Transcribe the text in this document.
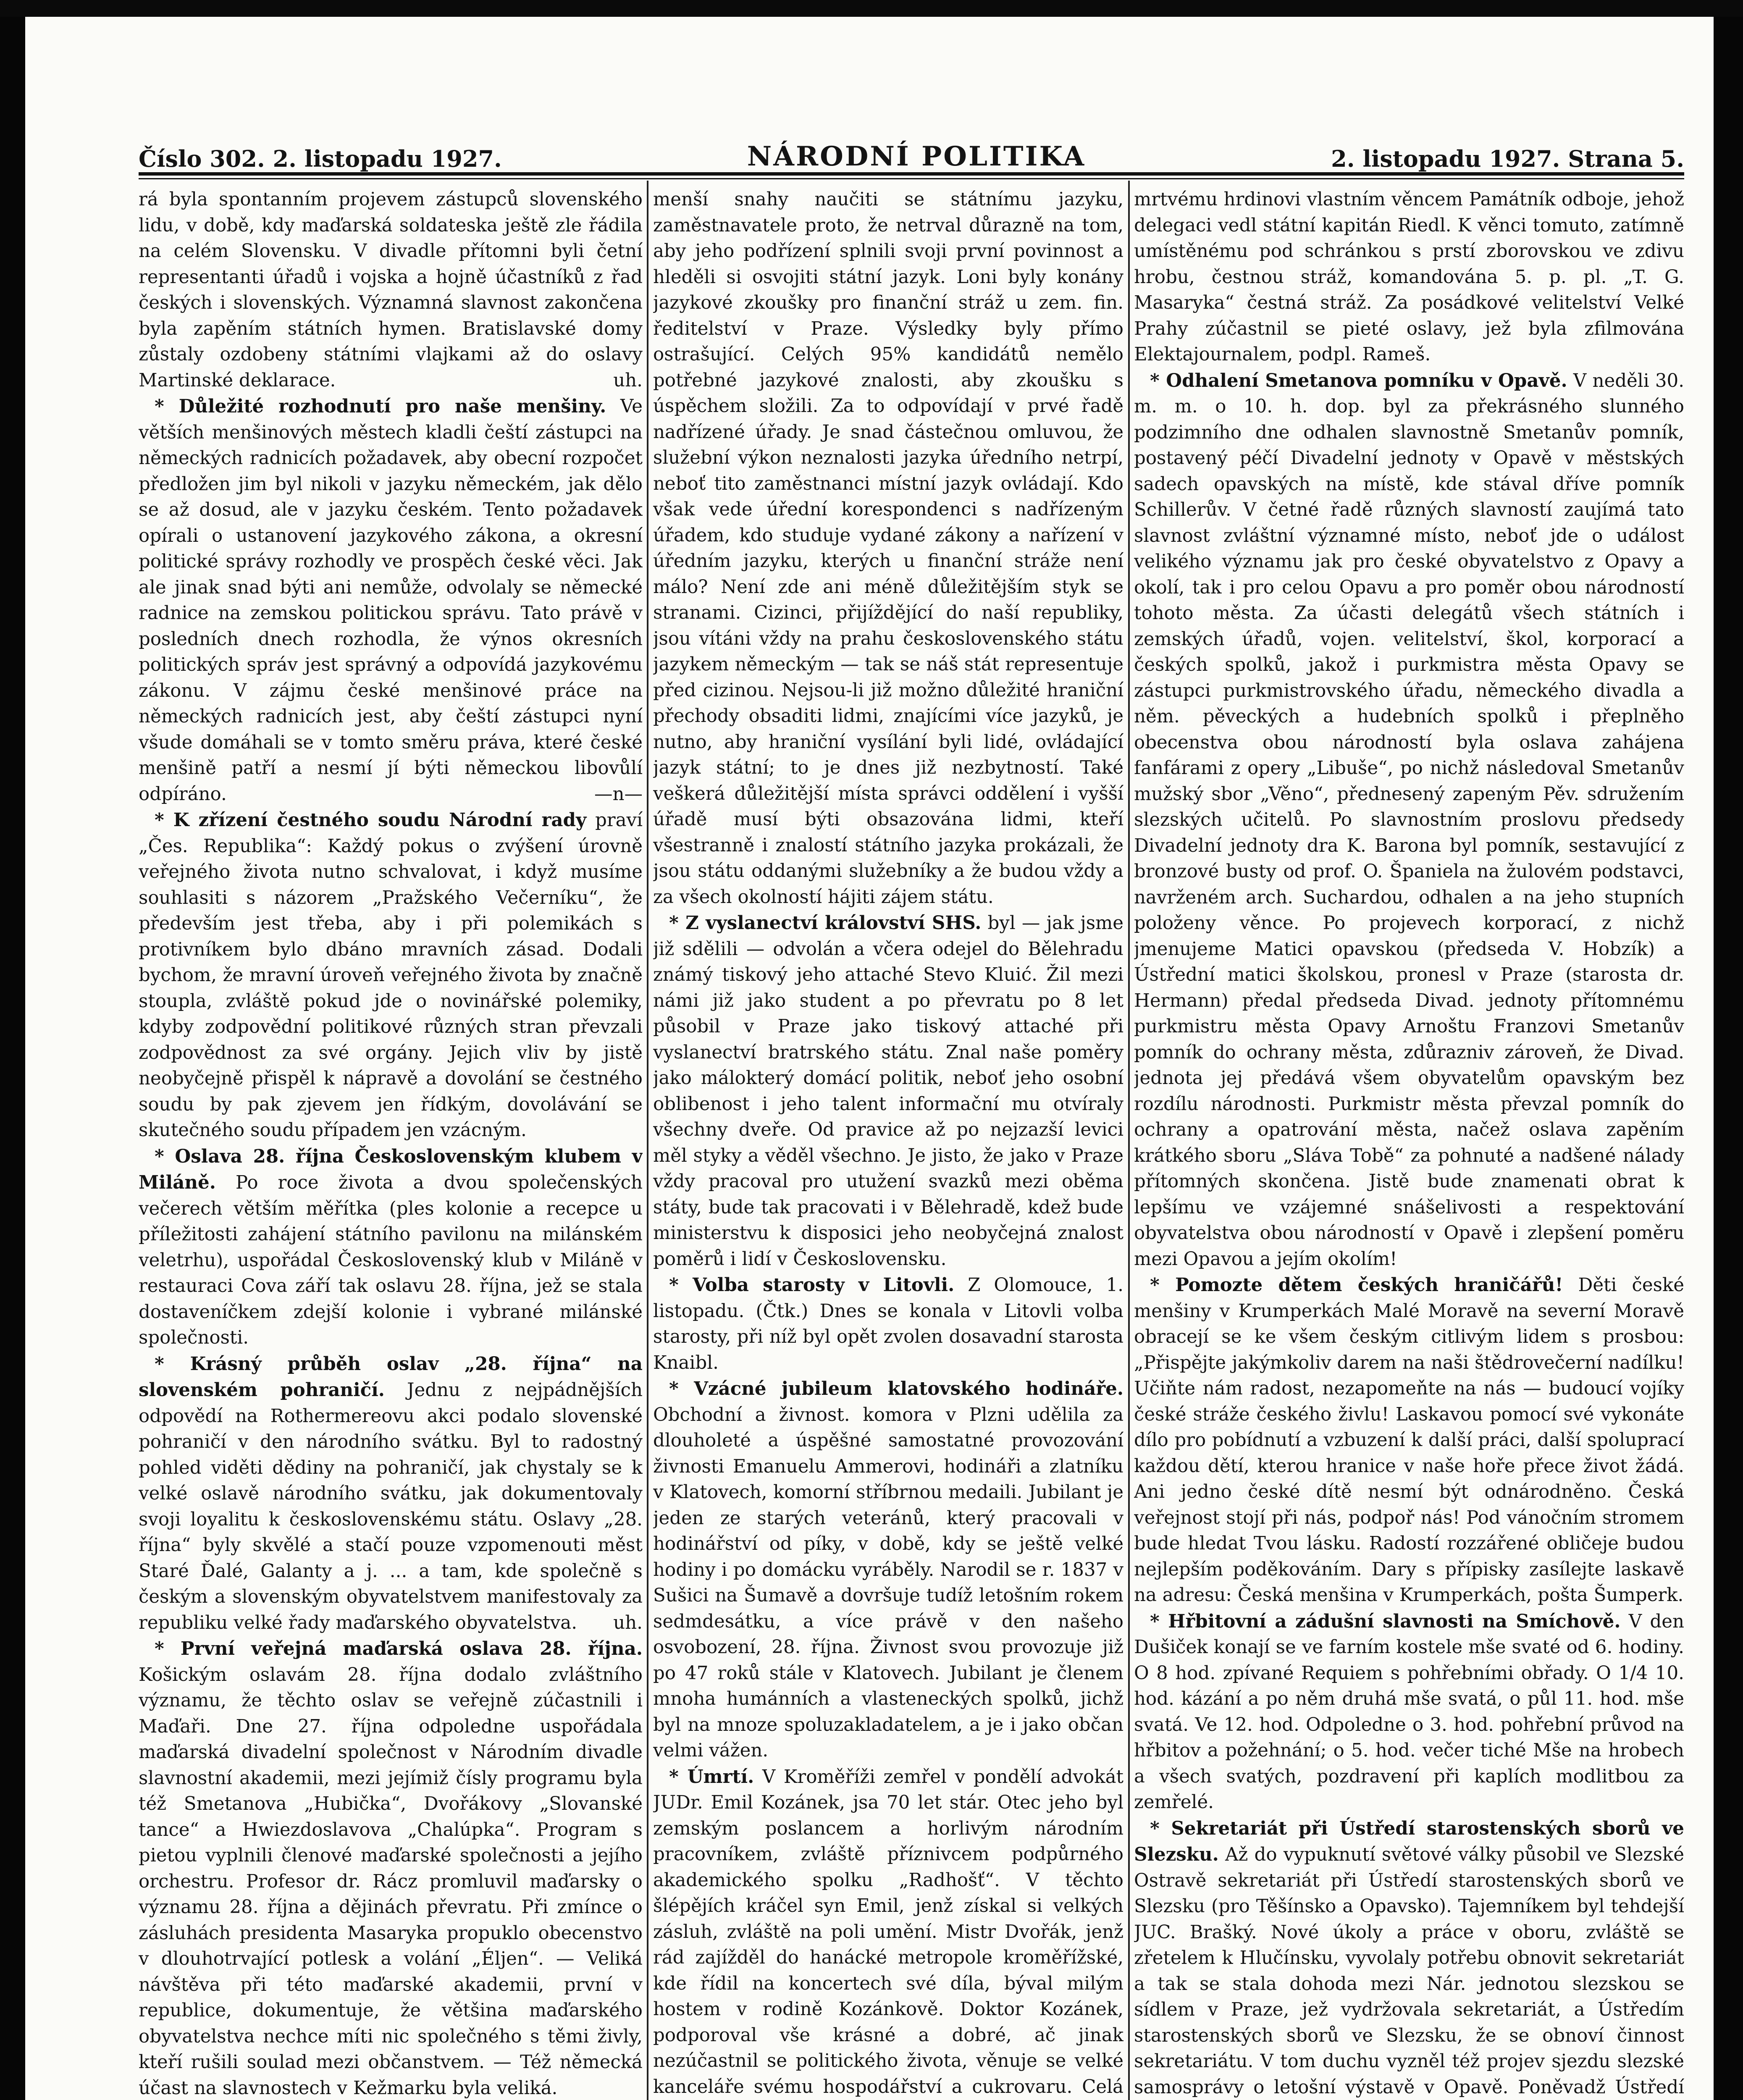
Číslo 302. 2. listopadu 1927.	NÁRODNÍ POLITIKA	2. listopadu 1927. Strana 5.

rá byla spontanním projevem zástupců slovenského lidu, v době, kdy maďarská soldateska ještě zle řádila na celém Slovensku. V divadle přítomni byli četní representanti úřadů i vojska a hojně účastníků z řad českých i slovenských. Významná slavnost zakončena byla zapěním státních hymen. Bratislavské domy zůstaly ozdobeny státními vlajkami až do oslavy Martinské deklarace.	uh.

* Důležité rozhodnutí pro naše menšiny. Ve větších menšinových městech kladli čeští zástupci na německých radnicích požadavek, aby obecní rozpočet předložen jim byl nikoli v jazyku německém, jak dělo se až dosud, ale v jazyku českém. Tento požadavek opírali o ustanovení jazykového zákona, a okresní politické správy rozhodly ve prospěch české věci. Jak ale jinak snad býti ani nemůže, odvolaly se německé radnice na zemskou politickou správu. Tato právě v posledních dnech rozhodla, že výnos okresních politických správ jest správný a odpovídá jazykovému zákonu. V zájmu české menšinové práce na německých radnicích jest, aby čeští zástupci nyní všude domáhali se v tomto směru práva, které české menšině patří a nesmí jí býti německou libovůlí odpíráno.	—n—

* K zřízení čestného soudu Národní rady praví „Čes. Republika“: Každý pokus o zvýšení úrovně veřejného života nutno schvalovat, i když musíme souhlasiti s názorem „Pražského Večerníku“, že především jest třeba, aby i při polemikách s protivníkem bylo dbáno mravních zásad. Dodali bychom, že mravní úroveň veřejného života by značně stoupla, zvláště pokud jde o novinářské polemiky, kdyby zodpovědní politikové různých stran převzali zodpovědnost za své orgány. Jejich vliv by jistě neobyčejně přispěl k nápravě a dovolání se čestného soudu by pak zjevem jen řídkým, dovolávání se skutečného soudu případem jen vzácným.

* Oslava 28. října Československým klubem v Miláně. Po roce života a dvou společenských večerech větším měřítka (ples kolonie a recepce u příležitosti zahájení státního pavilonu na milánském veletrhu), uspořádal Československý klub v Miláně v restauraci Cova září tak oslavu 28. října, jež se stala dostaveníčkem zdejší kolonie i vybrané milánské společnosti.

* Krásný průběh oslav „28. října“ na slovenském pohraničí. Jednu z nejpádnějších odpovědí na Rothermereovu akci podalo slovenské pohraničí v den národního svátku. Byl to radostný pohled viděti dědiny na pohraničí, jak chystaly se k velké oslavě národního svátku, jak dokumentovaly svoji loyalitu k československému státu. Oslavy „28. října“ byly skvělé a stačí pouze vzpomenouti měst Staré Ďalé, Galanty a j. ... a tam, kde společně s českým a slovenským obyvatelstvem manifestovaly za republiku velké řady maďarského obyvatelstva.	uh.

* První veřejná maďarská oslava 28. října. Košickým oslavám 28. října dodalo zvláštního významu, že těchto oslav se veřejně zúčastnili i Maďaři. Dne 27. října odpoledne uspořádala maďarská divadelní společnost v Národním divadle slavnostní akademii, mezi jejímiž čísly programu byla též Smetanova „Hubička“, Dvořákovy „Slovanské tance“ a Hwiezdoslavova „Chalúpka“. Program s pietou vyplnili členové maďarské společnosti a jejího orchestru. Profesor dr. Rácz promluvil maďarsky o významu 28. října a dějinách převratu. Při zmínce o zásluhách presidenta Masaryka propuklo obecenstvo v dlouhotrvající potlesk a volání „Éljen“. — Veliká návštěva při této maďarské akademii, první v republice, dokumentuje, že většina maďarského obyvatelstva nechce míti nic společného s těmi živly, kteří rušili soulad mezi občanstvem. — Též německá účast na slavnostech v Kežmarku byla veliká.

menší snahy naučiti se státnímu jazyku, zaměstnavatele proto, že netrval důrazně na tom, aby jeho podřízení splnili svoji první povinnost a hleděli si osvojiti státní jazyk. Loni byly konány jazykové zkoušky pro finanční stráž u zem. fin. ředitelství v Praze. Výsledky byly přímo ostrašující. Celých 95% kandidátů nemělo potřebné jazykové znalosti, aby zkoušku s úspěchem složili. Za to odpovídají v prvé řadě nadřízené úřady. Je snad částečnou omluvou, že služební výkon neznalosti jazyka úředního netrpí, neboť tito zaměstnanci místní jazyk ovládají. Kdo však vede úřední korespondenci s nadřízeným úřadem, kdo studuje vydané zákony a nařízení v úředním jazyku, kterých u finanční stráže není málo? Není zde ani méně důležitějším styk se stranami. Cizinci, přijíždějící do naší republiky, jsou vítáni vždy na prahu československého státu jazykem německým — tak se náš stát representuje před cizinou. Nejsou-li již možno důležité hraniční přechody obsaditi lidmi, znajícími více jazyků, je nutno, aby hraniční vysílání byli lidé, ovládající jazyk státní; to je dnes již nezbytností. Také veškerá důležitější místa správci oddělení i vyšší úřadě musí býti obsazována lidmi, kteří všestranně i znalostí státního jazyka prokázali, že jsou státu oddanými služebníky a že budou vždy a za všech okolností hájiti zájem státu.

* Z vyslanectví království SHS. byl — jak jsme již sdělili — odvolán a včera odejel do Bělehradu známý tiskový jeho attaché Stevo Kluić. Žil mezi námi již jako student a po převratu po 8 let působil v Praze jako tiskový attaché při vyslanectví bratrského státu. Znal naše poměry jako málokterý domácí politik, neboť jeho osobní oblibenost i jeho talent informační mu otvíraly všechny dveře. Od pravice až po nejzazší levici měl styky a věděl všechno. Je jisto, že jako v Praze vždy pracoval pro utužení svazků mezi oběma státy, bude tak pracovati i v Bělehradě, kdež bude ministerstvu k disposici jeho neobyčejná znalost poměrů i lidí v Československu.

* Volba starosty v Litovli. Z Olomouce, 1. listopadu. (Čtk.) Dnes se konala v Litovli volba starosty, při níž byl opět zvolen dosavadní starosta Knaibl.

* Vzácné jubileum klatovského hodináře. Obchodní a živnost. komora v Plzni udělila za dlouholeté a úspěšné samostatné provozování živnosti Emanuelu Ammerovi, hodináři a zlatníku v Klatovech, komorní stříbrnou medaili. Jubilant je jeden ze starých veteránů, který pracovali v hodinářství od píky, v době, kdy se ještě velké hodiny i po domácku vyráběly. Narodil se r. 1837 v Sušici na Šumavě a dovršuje tudíž letošním rokem sedmdesátku, a více právě v den našeho osvobození, 28. října. Živnost svou provozuje již po 47 roků stále v Klatovech. Jubilant je členem mnoha humánních a vlasteneckých spolků, jichž byl na mnoze spoluzakladatelem, a je i jako občan velmi vážen.

* Úmrtí. V Kroměříži zemřel v pondělí advokát JUDr. Emil Kozánek, jsa 70 let stár. Otec jeho byl zemským poslancem a horlivým národním pracovníkem, zvláště příznivcem podpůrného akademického spolku „Radhošť“. V těchto šlépějích kráčel syn Emil, jenž získal si velkých zásluh, zvláště na poli umění. Mistr Dvořák, jenž rád zajížděl do hanácké metropole kroměřížské, kde řídil na koncertech své díla, býval milým hostem v rodině Kozánkově. Doktor Kozánek, podporoval vše krásné a dobré, ač jinak nezúčastnil se politického života, věnuje se velké kanceláře svému hospodářství a cukrovaru. Celá

mrtvému hrdinovi vlastním věncem Památník odboje, jehož delegaci vedl státní kapitán Riedl. K věnci tomuto, zatímně umístěnému pod schránkou s prstí zborovskou ve zdivu hrobu, čestnou stráž, komandována 5. p. pl. „T. G. Masaryka“ čestná stráž. Za posádkové velitelství Velké Prahy zúčastnil se pieté oslavy, jež byla zfilmována Elektajournalem, podpl. Rameš.

* Odhalení Smetanova pomníku v Opavě. V neděli 30. m. m. o 10. h. dop. byl za překrásného slunného podzimního dne odhalen slavnostně Smetanův pomník, postavený péčí Divadelní jednoty v Opavě v městských sadech opavských na místě, kde stával dříve pomník Schillerův. V četné řadě různých slavností zaujímá tato slavnost zvláštní významné místo, neboť jde o událost velikého významu jak pro české obyvatelstvo z Opavy a okolí, tak i pro celou Opavu a pro poměr obou národností tohoto města. Za účasti delegátů všech státních i zemských úřadů, vojen. velitelství, škol, korporací a českých spolků, jakož i purkmistra města Opavy se zástupci purkmistrovského úřadu, německého divadla a něm. pěveckých a hudebních spolků i přeplněho obecenstva obou národností byla oslava zahájena fanfárami z opery „Libuše“, po nichž následoval Smetanův mužský sbor „Věno“, přednesený zapeným Pěv. sdružením slezských učitelů. Po slavnostním proslovu předsedy Divadelní jednoty dra K. Barona byl pomník, sestavující z bronzové busty od prof. O. Španiela na žulovém podstavci, navrženém arch. Suchardou, odhalen a na jeho stupních položeny věnce. Po projevech korporací, z nichž jmenujeme Matici opavskou (předseda V. Hobzík) a Ústřední matici školskou, pronesl v Praze (starosta dr. Hermann) předal předseda Divad. jednoty přítomnému purkmistru města Opavy Arnoštu Franzovi Smetanův pomník do ochrany města, zdůrazniv zároveň, že Divad. jednota jej předává všem obyvatelům opavským bez rozdílu národnosti. Purkmistr města převzal pomník do ochrany a opatrování města, načež oslava zapěním krátkého sboru „Sláva Tobě“ za pohnuté a nadšené nálady přítomných skončena. Jistě bude znamenati obrat k lepšímu ve vzájemné snášelivosti a respektování obyvatelstva obou národností v Opavě i zlepšení poměru mezi Opavou a jejím okolím!

* Pomozte dětem českých hraničářů! Děti české menšiny v Krumperkách Malé Moravě na severní Moravě obracejí se ke všem českým citlivým lidem s prosbou: „Přispějte jakýmkoliv darem na naši štědrovečerní nadílku! Učiňte nám radost, nezapomeňte na nás — budoucí vojíky české stráže českého živlu! Laskavou pomocí své vykonáte dílo pro pobídnutí a vzbuzení k další práci, další spoluprací každou dětí, kterou hranice v naše hoře přece život žádá. Ani jedno české dítě nesmí být odnárodněno. Česká veřejnost stojí při nás, podpoř nás! Pod vánočním stromem bude hledat Tvou lásku. Radostí rozzářené obličeje budou nejlepším poděkováním. Dary s přípisky zasílejte laskavě na adresu: Česká menšina v Krumperkách, pošta Šumperk.

* Hřbitovní a zádušní slavnosti na Smíchově. V den Dušiček konají se ve farním kostele mše svaté od 6. hodiny. O 8 hod. zpívané Requiem s pohřebními obřady. O 1/4 10. hod. kázání a po něm druhá mše svatá, o půl 11. hod. mše svatá. Ve 12. hod. Odpoledne o 3. hod. pohřební průvod na hřbitov a požehnání; o 5. hod. večer tiché Mše na hrobech a všech svatých, pozdravení při kaplích modlitbou za zemřelé.

* Sekretariát při Ústředí starostenských sborů ve Slezsku. Až do vypuknutí světové války působil ve Slezské Ostravě sekretariát při Ústředí starostenských sborů ve Slezsku (pro Těšínsko a Opavsko). Tajemníkem byl tehdejší JUC. Brašký. Nové úkoly a práce v oboru, zvláště se zřetelem k Hlučínsku, vyvolaly potřebu obnovit sekretariát a tak se stala dohoda mezi Nár. jednotou slezskou se sídlem v Praze, jež vydržovala sekretariát, a Ústředím starostenských sborů ve Slezsku, že se obnoví činnost sekretariátu. V tom duchu vyzněl též projev sjezdu slezské samosprávy o letošní výstavě v Opavě. Poněvadž Ústředí
